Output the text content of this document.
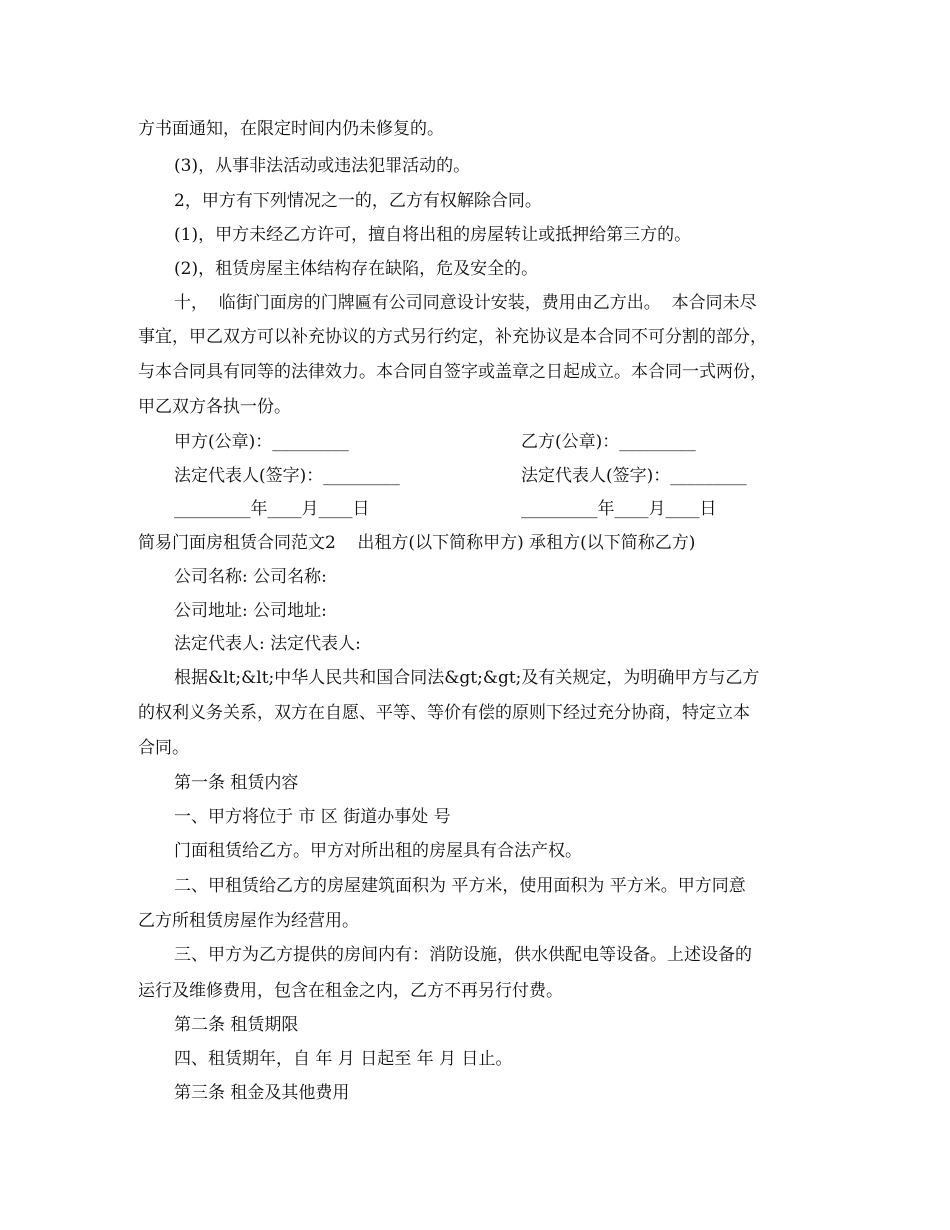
方书面通知，在限定时间内仍未修复的。
(3)，从事非法活动或违法犯罪活动的。
2，甲方有下列情况之一的，乙方有权解除合同。
(1)，甲方未经乙方许可，擅自将出租的房屋转让或抵押给第三方的。
(2)，租赁房屋主体结构存在缺陷，危及安全的。
十，  临街门面房的门牌匾有公司同意设计安装，费用由乙方出。  本合同未尽
事宜，甲乙双方可以补充协议的方式另行约定，补充协议是本合同不可分割的部分，
与本合同具有同等的法律效力。本合同自签字或盖章之日起成立。本合同一式两份，
甲乙双方各执一份。
甲方(公章)：_________	乙方(公章)：_________
法定代表人(签字)：_________	法定代表人(签字)：_________
_________年____月____日	_________年____月____日
简易门面房租赁合同范文2    出租方(以下简称甲方) 承租方(以下简称乙方)
公司名称: 公司名称:
公司地址: 公司地址:
法定代表人: 法定代表人:
根据&lt;&lt;中华人民共和国合同法&gt;&gt;及有关规定，为明确甲方与乙方
的权利义务关系，双方在自愿、平等、等价有偿的原则下经过充分协商，特定立本
合同。
第一条 租赁内容
一、甲方将位于 市 区 街道办事处 号
门面租赁给乙方。甲方对所出租的房屋具有合法产权。
二、甲租赁给乙方的房屋建筑面积为 平方米，使用面积为 平方米。甲方同意
乙方所租赁房屋作为经营用。
三、甲方为乙方提供的房间内有：消防设施，供水供配电等设备。上述设备的
运行及维修费用，包含在租金之内，乙方不再另行付费。
第二条 租赁期限
四、租赁期年，自 年 月 日起至 年 月 日止。
第三条 租金及其他费用
